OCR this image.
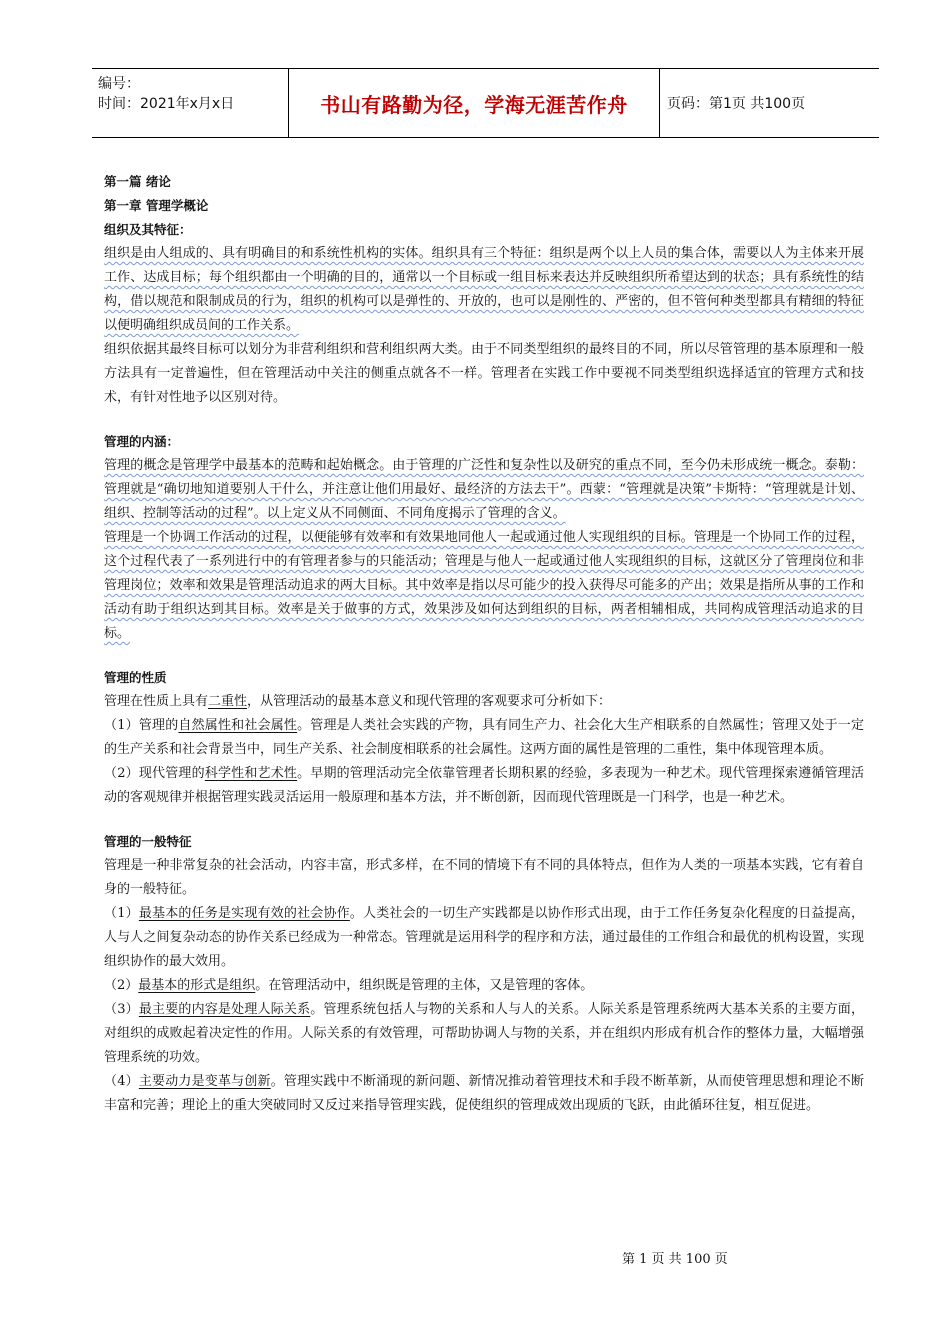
编号：
时间：2021年x月x日	书山有路勤为径，学海无涯苦作舟	页码：第1页 共100页

第一篇 绪论

第一章 管理学概论

组织及其特征：

组织是由人组成的、具有明确目的和系统性机构的实体。组织具有三个特征：组织是两个以上人员的集合体，需要以人为主体来开展工作、达成目标；每个组织都由一个明确的目的，通常以一个目标或一组目标来表达并反映组织所希望达到的状态；具有系统性的结构，借以规范和限制成员的行为，组织的机构可以是弹性的、开放的，也可以是刚性的、严密的，但不管何种类型都具有精细的特征以便明确组织成员间的工作关系。

组织依据其最终目标可以划分为非营利组织和营利组织两大类。由于不同类型组织的最终目的不同，所以尽管管理的基本原理和一般方法具有一定普遍性，但在管理活动中关注的侧重点就各不一样。管理者在实践工作中要视不同类型组织选择适宜的管理方式和技术，有针对性地予以区别对待。

管理的内涵：

管理的概念是管理学中最基本的范畴和起始概念。由于管理的广泛性和复杂性以及研究的重点不同，至今仍未形成统一概念。泰勒：管理就是“确切地知道要别人干什么，并注意让他们用最好、最经济的方法去干”。西蒙：“管理就是决策”卡斯特：“管理就是计划、组织、控制等活动的过程”。以上定义从不同侧面、不同角度揭示了管理的含义。

管理是一个协调工作活动的过程，以便能够有效率和有效果地同他人一起或通过他人实现组织的目标。管理是一个协同工作的过程，这个过程代表了一系列进行中的有管理者参与的只能活动；管理是与他人一起或通过他人实现组织的目标，这就区分了管理岗位和非管理岗位；效率和效果是管理活动追求的两大目标。其中效率是指以尽可能少的投入获得尽可能多的产出；效果是指所从事的工作和活动有助于组织达到其目标。效率是关于做事的方式，效果涉及如何达到组织的目标，两者相辅相成，共同构成管理活动追求的目标。

管理的性质

管理在性质上具有二重性，从管理活动的最基本意义和现代管理的客观要求可分析如下：

（1）管理的自然属性和社会属性。管理是人类社会实践的产物，具有同生产力、社会化大生产相联系的自然属性；管理又处于一定的生产关系和社会背景当中，同生产关系、社会制度相联系的社会属性。这两方面的属性是管理的二重性，集中体现管理本质。

（2）现代管理的科学性和艺术性。早期的管理活动完全依靠管理者长期积累的经验，多表现为一种艺术。现代管理探索遵循管理活动的客观规律并根据管理实践灵活运用一般原理和基本方法，并不断创新，因而现代管理既是一门科学，也是一种艺术。

管理的一般特征

管理是一种非常复杂的社会活动，内容丰富，形式多样，在不同的情境下有不同的具体特点，但作为人类的一项基本实践，它有着自身的一般特征。

（1）最基本的任务是实现有效的社会协作。人类社会的一切生产实践都是以协作形式出现，由于工作任务复杂化程度的日益提高，人与人之间复杂动态的协作关系已经成为一种常态。管理就是运用科学的程序和方法，通过最佳的工作组合和最优的机构设置，实现组织协作的最大效用。

（2）最基本的形式是组织。在管理活动中，组织既是管理的主体，又是管理的客体。

（3）最主要的内容是处理人际关系。管理系统包括人与物的关系和人与人的关系。人际关系是管理系统两大基本关系的主要方面，对组织的成败起着决定性的作用。人际关系的有效管理，可帮助协调人与物的关系，并在组织内形成有机合作的整体力量，大幅增强管理系统的功效。

（4）主要动力是变革与创新。管理实践中不断涌现的新问题、新情况推动着管理技术和手段不断革新，从而使管理思想和理论不断丰富和完善；理论上的重大突破同时又反过来指导管理实践，促使组织的管理成效出现质的飞跃，由此循环往复，相互促进。

第 1 页 共 100 页
